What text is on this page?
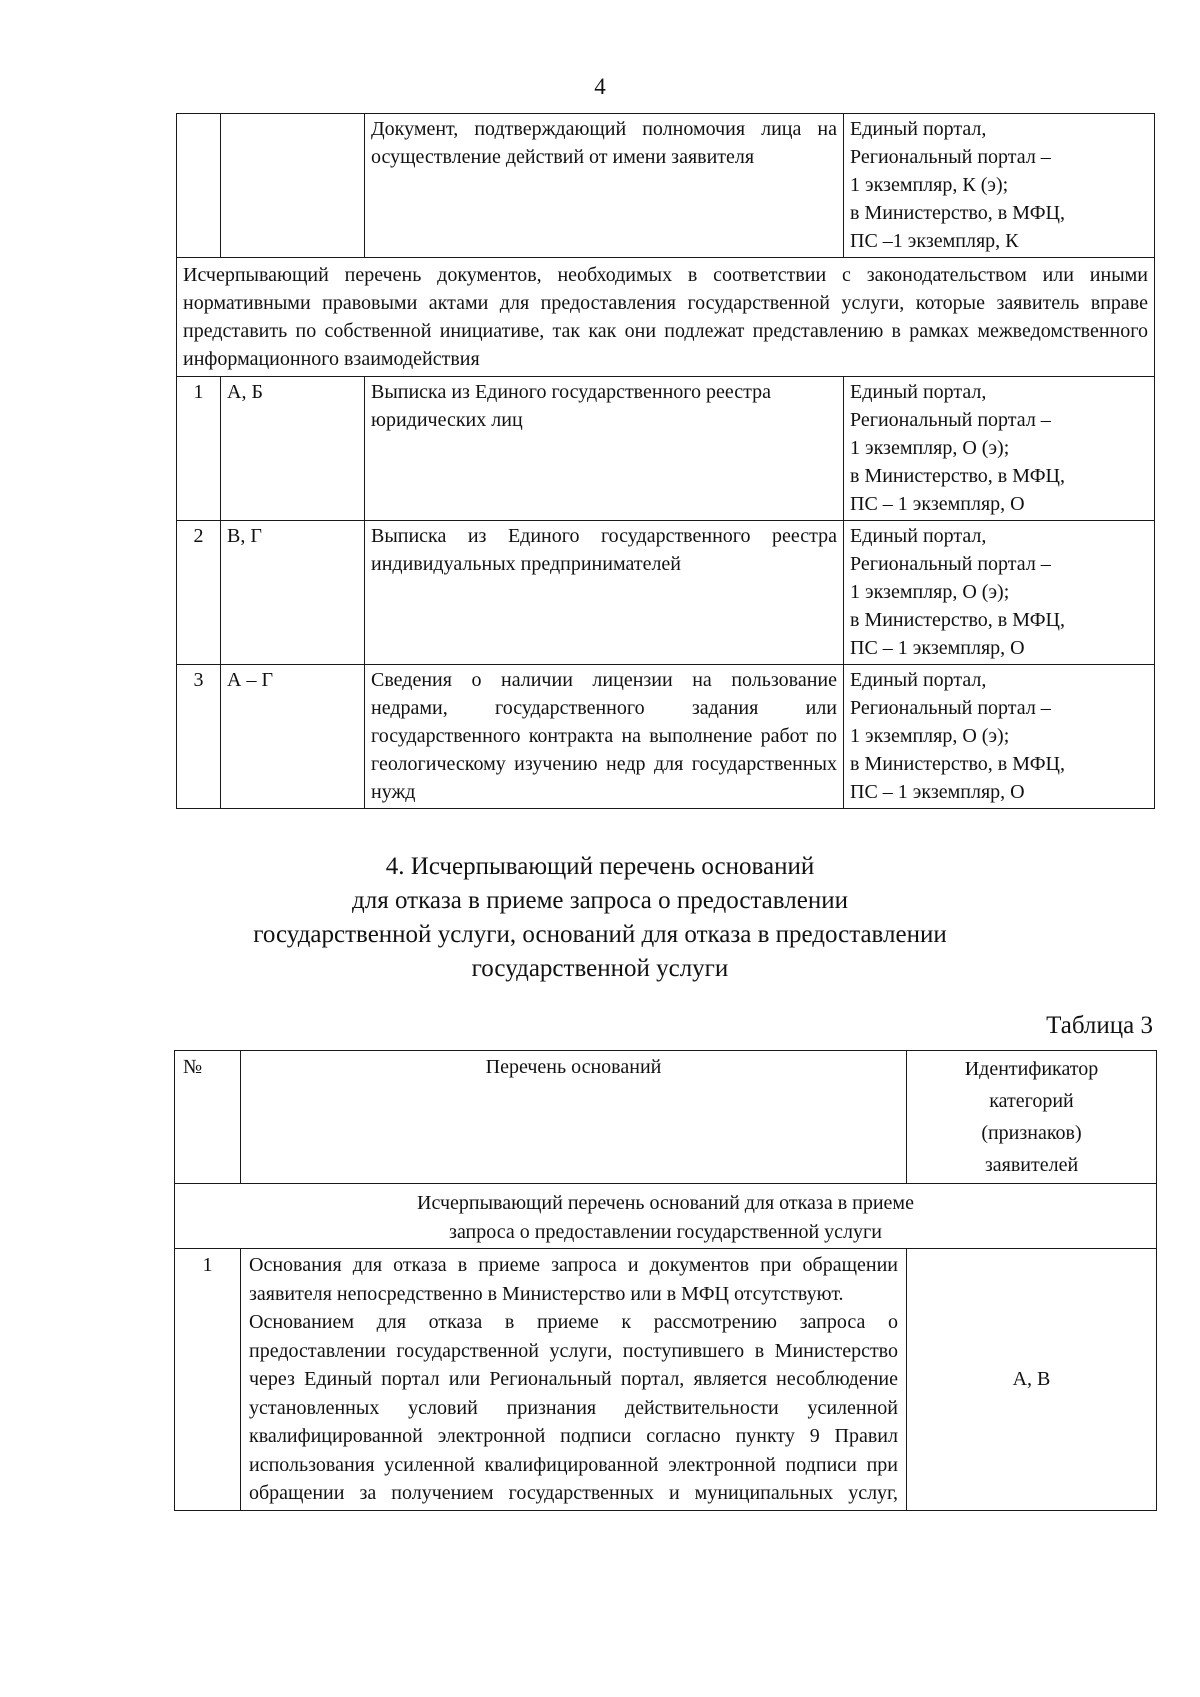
4
		Документ, подтверждающий полномочия лица на осуществление действий от имени заявителя	Единый портал,
Региональный портал –
1 экземпляр, К (э);
в Министерство, в МФЦ,
ПС –1 экземпляр, К

Исчерпывающий перечень документов, необходимых в соответствии с законодательством или иными нормативными правовыми актами для предоставления государственной услуги, которые заявитель вправе представить по собственной инициативе, так как они подлежат представлению в рамках межведомственного информационного взаимодействия			
1	А, Б	Выписка из Единого государственного реестра юридических лиц	Единый портал,
Региональный портал –
1 экземпляр, О (э);
в Министерство, в МФЦ,
ПС – 1 экземпляр, О

2	В, Г	Выписка из Единого государственного реестра индивидуальных предпринимателей	Единый портал,
Региональный портал –
1 экземпляр, О (э);
в Министерство, в МФЦ,
ПС – 1 экземпляр, О

3	А – Г	Сведения о наличии лицензии на пользование недрами, государственного задания или государственного контракта на выполнение работ по геологическому изучению недр для государственных нужд	Единый портал,
Региональный портал –
1 экземпляр, О (э);
в Министерство, в МФЦ,
ПС – 1 экземпляр, О
4. Исчерпывающий перечень оснований
для отказа в приеме запроса о предоставлении
государственной услуги, оснований для отказа в предоставлении
государственной услуги
Таблица 3
№	Перечень оснований	Идентификатор
категорий
(признаков)
заявителей

Исчерпывающий перечень оснований для отказа в приеме
запроса о предоставлении государственной услуги		

1	Основания для отказа в приеме запроса и документов при обращении заявителя непосредственно в Министерство или в МФЦ отсутствуют.

Основанием для отказа в приеме к рассмотрению запроса о предоставлении государственной услуги, поступившего в Министерство через Единый портал или Региональный портал, является несоблюдение установленных условий признания действительности усиленной квалифицированной электронной подписи согласно пункту 9 Правил использования усиленной квалифицированной электронной подписи при обращении за получением государственных и муниципальных услуг,	А, В
